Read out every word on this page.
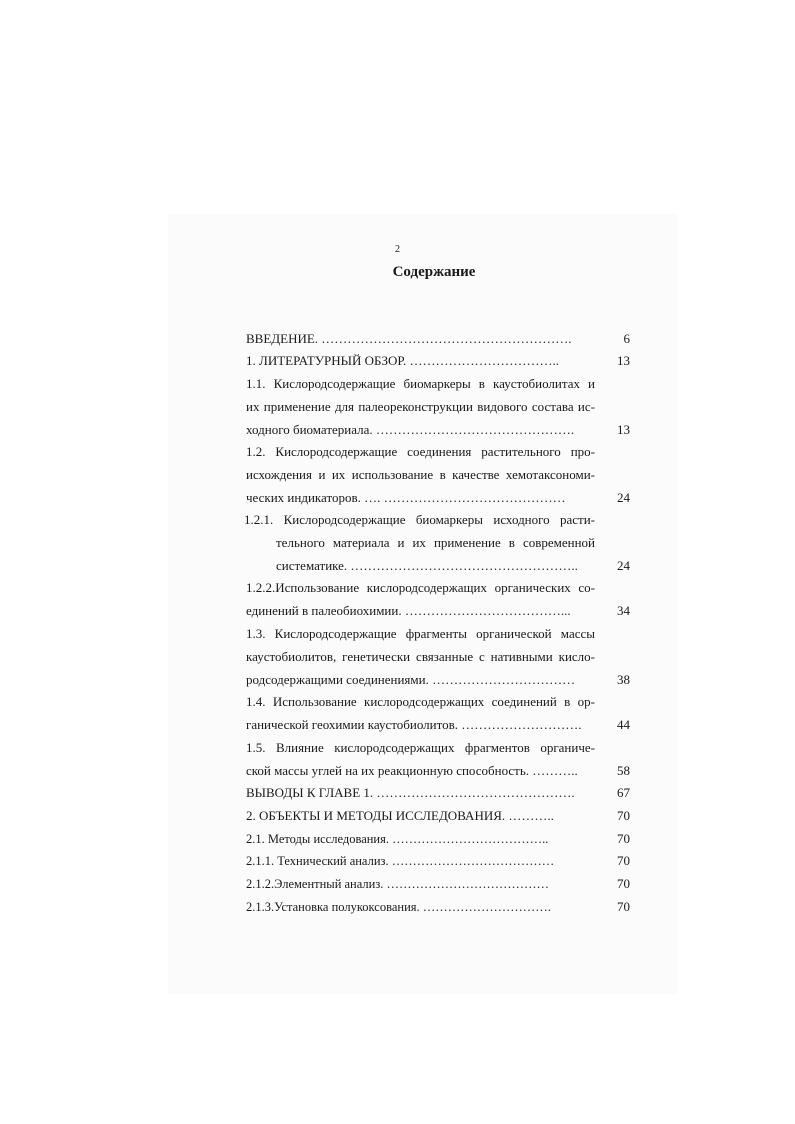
2
Содержание
ВВЕДЕНИЕ. ………………………………………………….	6
1. ЛИТЕРАТУРНЫЙ ОБЗОР. ……………………………..	13
1.1. Кислородсодержащие биомаркеры в каустобиолитах и
их применение для палеореконструкции видового состава ис-
ходного биоматериала. ……………………………………….	13
1.2. Кислородсодержащие соединения растительного про-
исхождения и их использование в качестве хемотаксономи-
ческих индикаторов. …. ……………………………………	24
1.2.1. Кислородсодержащие биомаркеры исходного расти-
тельного материала и их применение в современной
систематике. ……………………………………………..	24
1.2.2.Использование кислородсодержащих органических со-
единений в палеобиохимии. ………………………………...	34
1.3. Кислородсодержащие фрагменты органической массы
каустобиолитов, генетически связанные с нативными кисло-
родсодержащими соединениями. ……………………………	38
1.4. Использование кислородсодержащих соединений в ор-
ганической геохимии каустобиолитов. ……………………….	44
1.5. Влияние кислородсодержащих фрагментов органиче-
ской массы углей на их реакционную способность. ………..	58
ВЫВОДЫ К ГЛАВЕ 1. ……………………………………….	67
2. ОБЪЕКТЫ И МЕТОДЫ ИССЛЕДОВАНИЯ. ………..	70
2.1. Методы исследования. ………………………………..	70
2.1.1. Технический анализ. …………………………………	70
2.1.2.Элементный анализ. …………………………………	70
2.1.3.Установка полукоксования. ………………………….	70
